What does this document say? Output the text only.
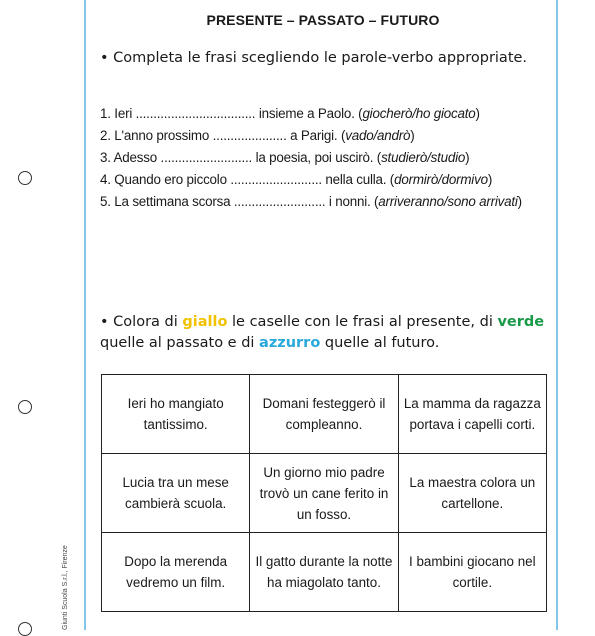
Giunti Scuola S.r.l., Firenze
PRESENTE – PASSATO – FUTURO
• Completa le frasi scegliendo le parole-verbo appropriate.

1. Ieri .................................. insieme a Paolo. (giocherò/ho giocato)

2. L'anno prossimo ..................... a Parigi. (vado/andrò)

3. Adesso .......................... la poesia, poi uscirò. (studierò/studio)

4. Quando ero piccolo .......................... nella culla. (dormirò/dormivo)

5. La settimana scorsa .......................... i nonni. (arriveranno/sono arrivati)

• Colora di giallo le caselle con le frasi al presente, di verde quelle al passato e di azzurro quelle al futuro.
Ieri ho mangiato tantissimo.	Domani festeggerò il compleanno.	La mamma da ragazza portava i capelli corti.
Lucia tra un mese cambierà scuola.	Un giorno mio padre trovò un cane ferito in un fosso.	La maestra colora un cartellone.
Dopo la merenda vedremo un film.	Il gatto durante la notte ha miagolato tanto.	I bambini giocano nel cortile.
